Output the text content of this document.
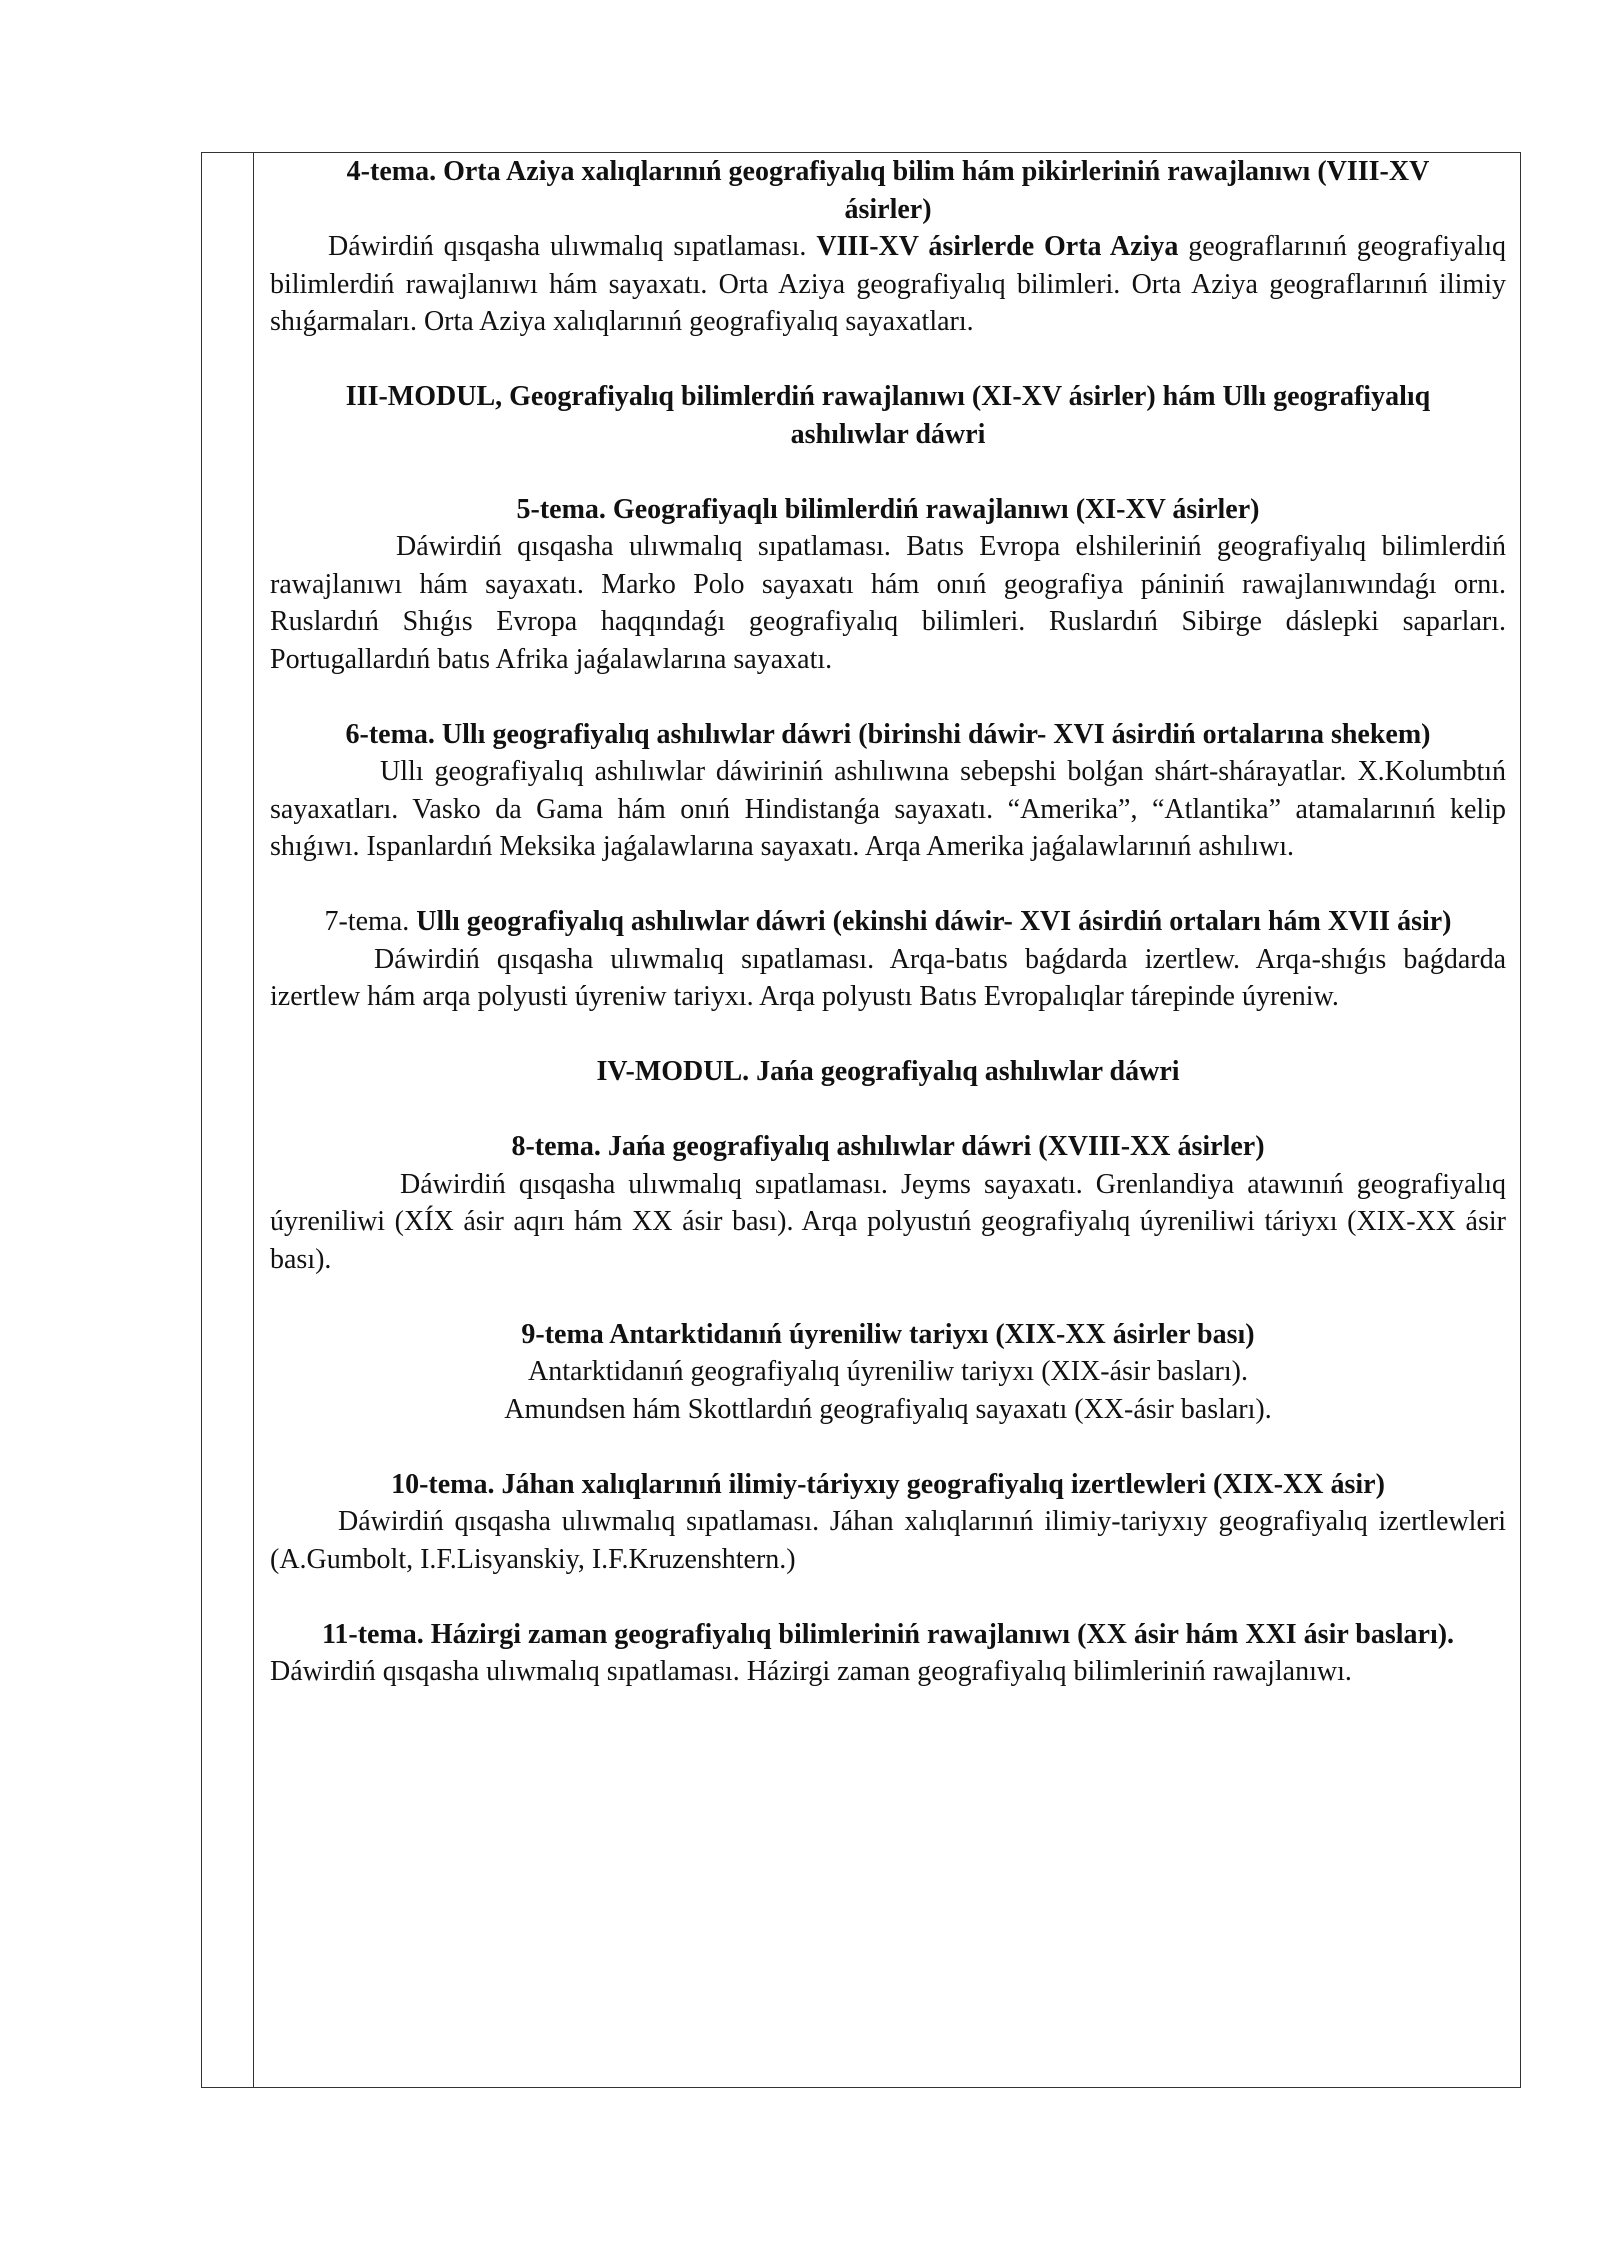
4-tema. Orta Aziya xalıqlarınıń geografiyalıq bilim hám pikirleriniń rawajlanıwı (VIII-XV ásirler)

Dáwirdiń qısqasha ulıwmalıq sıpatlaması. VIII-XV ásirlerde Orta Aziya geograflarınıń geografiyalıq bilimlerdiń rawajlanıwı hám sayaxatı. Orta Aziya geografiyalıq bilimleri. Orta Aziya geograflarınıń ilimiy shıǵarmaları. Orta Aziya xalıqlarınıń geografiyalıq sayaxatları.

III-MODUL, Geografiyalıq bilimlerdiń rawajlanıwı (XI-XV ásirler) hám Ullı geografiyalıq ashılıwlar dáwri

5-tema. Geografiyaqlı bilimlerdiń rawajlanıwı (XI-XV ásirler)

Dáwirdiń qısqasha ulıwmalıq sıpatlaması. Batıs Evropa elshileriniń geografiyalıq bilimlerdiń rawajlanıwı hám sayaxatı. Marko Polo sayaxatı hám onıń geografiya pániniń rawajlanıwındaǵı ornı. Ruslardıń Shıǵıs Evropa haqqındaǵı geografiyalıq bilimleri. Ruslardıń Sibirge dáslepki saparları. Portugallardıń batıs Afrika jaǵalawlarına sayaxatı.

6-tema. Ullı geografiyalıq ashılıwlar dáwri (birinshi dáwir- XVI ásirdiń ortalarına shekem)

Ullı geografiyalıq ashılıwlar dáwiriniń ashılıwına sebepshi bolǵan shárt-shárayatlar. X.Kolumbtıń sayaxatları. Vasko da Gama hám onıń Hindistanǵa sayaxatı. “Amerika”, “Atlantika” atamalarınıń kelip shıǵıwı. Ispanlardıń Meksika jaǵalawlarına sayaxatı. Arqa Amerika jaǵalawlarınıń ashılıwı.

7-tema. Ullı geografiyalıq ashılıwlar dáwri (ekinshi dáwir- XVI ásirdiń ortaları hám XVII ásir)

Dáwirdiń qısqasha ulıwmalıq sıpatlaması. Arqa-batıs baǵdarda izertlew. Arqa-shıǵıs baǵdarda izertlew hám arqa polyusti úyreniw tariyxı. Arqa polyustı Batıs Evropalıqlar tárepinde úyreniw.

IV-MODUL. Jańa geografiyalıq ashılıwlar dáwri

8-tema. Jańa geografiyalıq ashılıwlar dáwri (XVIII-XX ásirler)

Dáwirdiń qısqasha ulıwmalıq sıpatlaması. Jeyms sayaxatı. Grenlandiya atawınıń geografiyalıq úyreniliwi (XÍX ásir aqırı hám XX ásir bası). Arqa polyustıń geografiyalıq úyreniliwi táriyxı (XIX-XX ásir bası).

9-tema Antarktidanıń úyreniliw tariyxı (XIX-XX ásirler bası)

Antarktidanıń geografiyalıq úyreniliw tariyxı (XIX-ásir basları).

Amundsen hám Skottlardıń geografiyalıq sayaxatı (XX-ásir basları).

10-tema. Jáhan xalıqlarınıń ilimiy-táriyxıy geografiyalıq izertlewleri (XIX-XX ásir)

Dáwirdiń qısqasha ulıwmalıq sıpatlaması. Jáhan xalıqlarınıń ilimiy-tariyxıy geografiyalıq izertlewleri (A.Gumbolt, I.F.Lisyanskiy, I.F.Kruzenshtern.)

11-tema. Házirgi zaman geografiyalıq bilimleriniń rawajlanıwı (XX ásir hám XXI ásir basları).

Dáwirdiń qısqasha ulıwmalıq sıpatlaması. Házirgi zaman geografiyalıq bilimleriniń rawajlanıwı.
